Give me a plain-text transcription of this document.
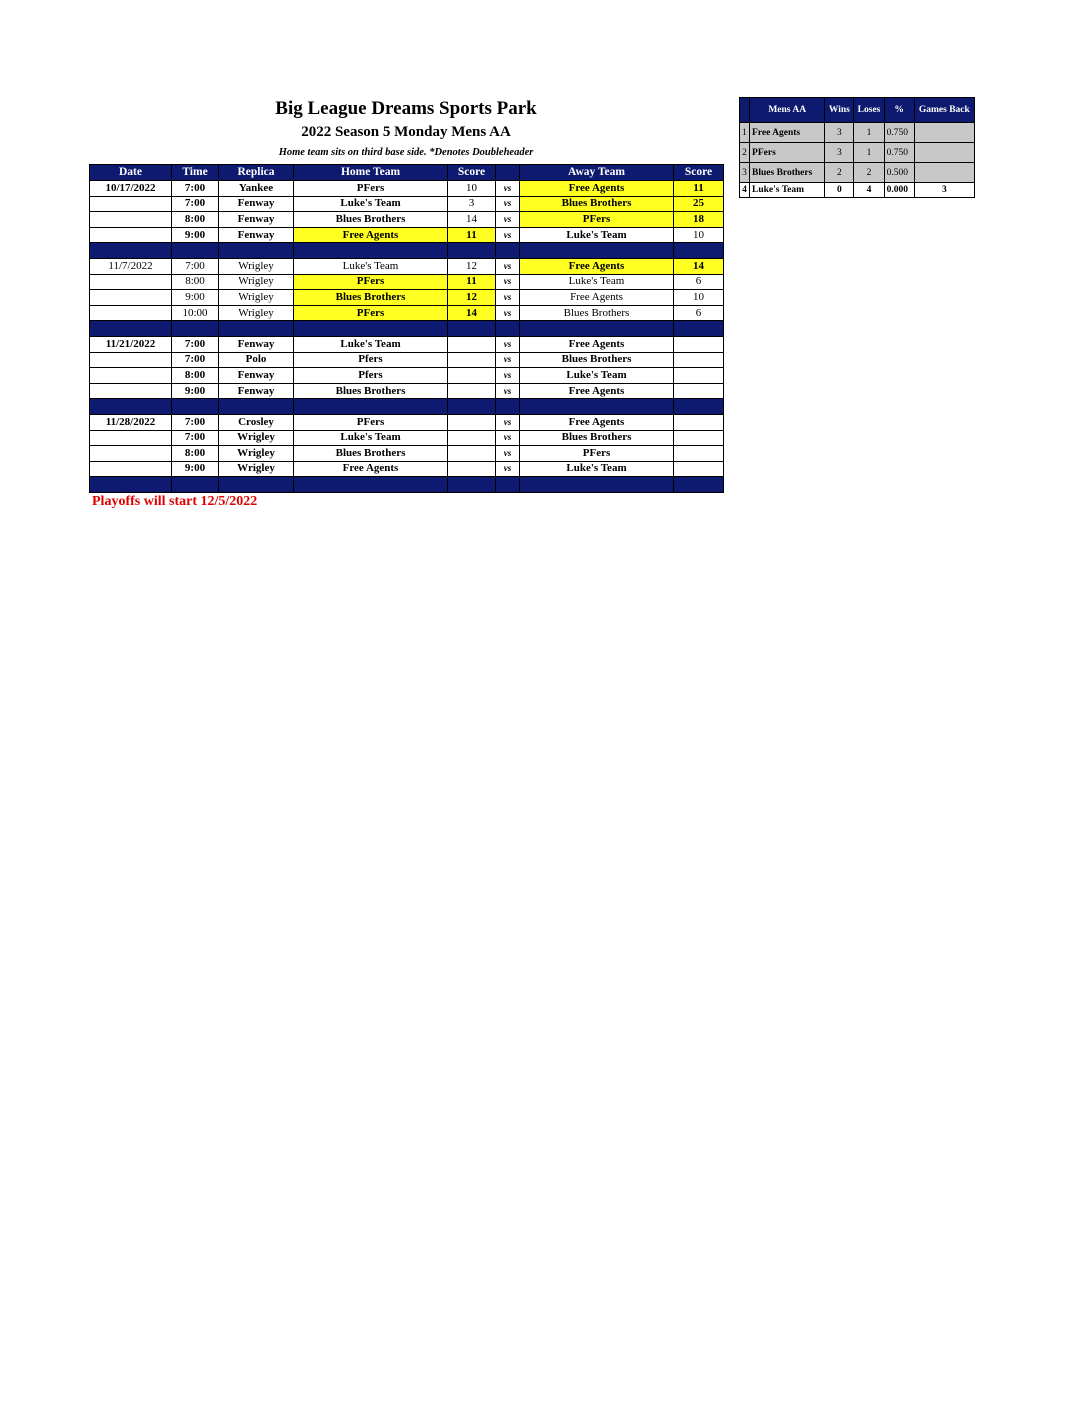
Big League Dreams Sports Park
2022 Season 5 Monday Mens AA
Home team sits on third base side. *Denotes Doubleheader
Date	Time	Replica	Home Team	Score		Away Team	Score
10/17/2022	7:00	Yankee	PFers	10	vs	Free Agents	11
	7:00	Fenway	Luke's Team	3	vs	Blues Brothers	25
	8:00	Fenway	Blues Brothers	14	vs	PFers	18
	9:00	Fenway	Free Agents	11	vs	Luke's Team	10

11/7/2022	7:00	Wrigley	Luke's Team	12	vs	Free Agents	14
	8:00	Wrigley	PFers	11	vs	Luke's Team	6
	9:00	Wrigley	Blues Brothers	12	vs	Free Agents	10
	10:00	Wrigley	PFers	14	vs	Blues Brothers	6

11/21/2022	7:00	Fenway	Luke's Team		vs	Free Agents	
	7:00	Polo	Pfers		vs	Blues Brothers	
	8:00	Fenway	Pfers		vs	Luke's Team	
	9:00	Fenway	Blues Brothers		vs	Free Agents	

11/28/2022	7:00	Crosley	PFers		vs	Free Agents	
	7:00	Wrigley	Luke's Team		vs	Blues Brothers	
	8:00	Wrigley	Blues Brothers		vs	PFers	
	9:00	Wrigley	Free Agents		vs	Luke's Team	

Playoffs will start 12/5/2022
	Mens AA	Wins	Loses	%	Games Back
1	Free Agents	3	1	0.750	
2	PFers	3	1	0.750	
3	Blues Brothers	2	2	0.500	
4	Luke's Team	0	4	0.000	3
